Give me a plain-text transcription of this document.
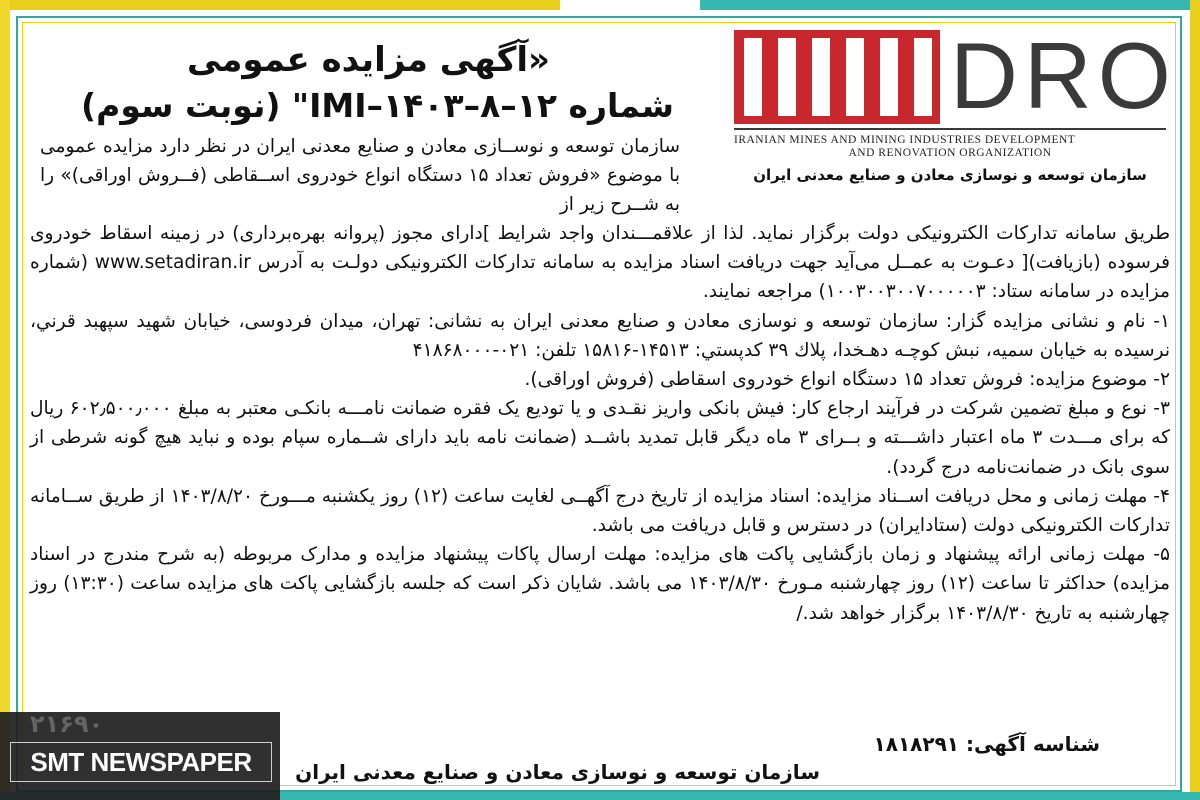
DRO
IRANIAN MINES AND MINING INDUSTRIES DEVELOPMENT
AND RENOVATION ORGANIZATION
سازمان توسعه و نوسازی معادن و صنایع معدنی ایران
«آگهی مزایده عمومی
شماره ۱۲–۸–۱۴۰۳–IMI" (نوبت سوم)
سازمان توسعه و نوســازی معادن و صنایع معدنی ایران در نظر دارد مزایده عمومی با موضوع «فروش تعداد ۱۵ دستگاه انواع خودروی اســقاطی (فــروش اوراقی)» را به شــرح زیر از

طریق سامانه تدارکات الکترونیکی دولت برگزار نماید. لذا از علاقمـــندان واجد شرایط ]دارای مجوز (پروانه بهره‌برداری) در زمینه اسقاط خودروی فرسوده (بازیافت)[ دعـوت به عمــل می‌آید جهت دریافت اسناد مزایده به سامانه تدارکات الکترونیکی دولـت به آدرس www.setadiran.ir (شماره مزایده در سامانه ستاد: ۱۰۰۳۰۰۳۰۰۷۰۰۰۰۰۳) مراجعه نمایند.

۱- نام و نشانی مزایده گزار: سازمان توسعه و نوسازی معادن و صنایع معدنی ایران به نشانی: تهران، میدان فردوسی، خیابان شهید سپهبد قرني، نرسيده به خيابان سميه، نبش كوچـه دهـخدا، پلاك ٣٩ كدپستي: ۱۴۵۱۳-۱۵۸۱۶ تلفن: ۰۲۱-۴۱۸۶۸۰۰۰

۲- موضوع مزایده: فروش تعداد ۱۵ دستگاه انواع خودروی اسقاطی (فروش اوراقی).

۳- نوع و مبلغ تضمین شرکت در فرآیند ارجاع کار: فیش بانکی واریز نقـدی و یا تودیع یک فقره ضمانت نامـــه بانکـی معتبر به مبلغ ۶۰۲٫۵۰۰٫۰۰۰ ریال که برای مـــدت ۳ ماه اعتبار داشـــته و بــرای ۳ ماه دیگر قابل تمدید باشــد (ضمانت نامه باید دارای شــماره سپام بوده و نباید هیچ گونه شرطی از سوی بانک در ضمانت‌نامه درج گردد).

۴- مهلت زمانی و محل دریافت اســناد مزایده: اسناد مزایده از تاریخ درج آگهــی لغایت ساعت (۱۲) روز یکشنبه مـــورخ ۱۴۰۳/۸/۲۰ از طریق ســامانه تدارکات الکترونیکی دولت (ستادایران) در دسترس و قابل دریافت می باشد.

۵- مهلت زمانی ارائه پیشنهاد و زمان بازگشایی پاکت های مزایده: مهلت ارسال پاکات پیشنهاد مزایده و مدارک مربوطه (به شرح مندرج در اسناد مزایده) حداکثر تا ساعت (۱۲) روز چهارشنبه مـورخ ۱۴۰۳/۸/۳۰ می باشد. شایان ذکر است که جلسه بازگشایی پاکت های مزایده ساعت (۱۳:۳۰) روز چهارشنبه به تاریخ ۱۴۰۳/۸/۳۰ برگزار خواهد شد./

شناسه آگهی: ۱۸۱۸۲۹۱
سازمان توسعه و نوسازی معادن و صنایع معدنی ایران
۲۱۶۹۰
SMT NEWSPAPER
